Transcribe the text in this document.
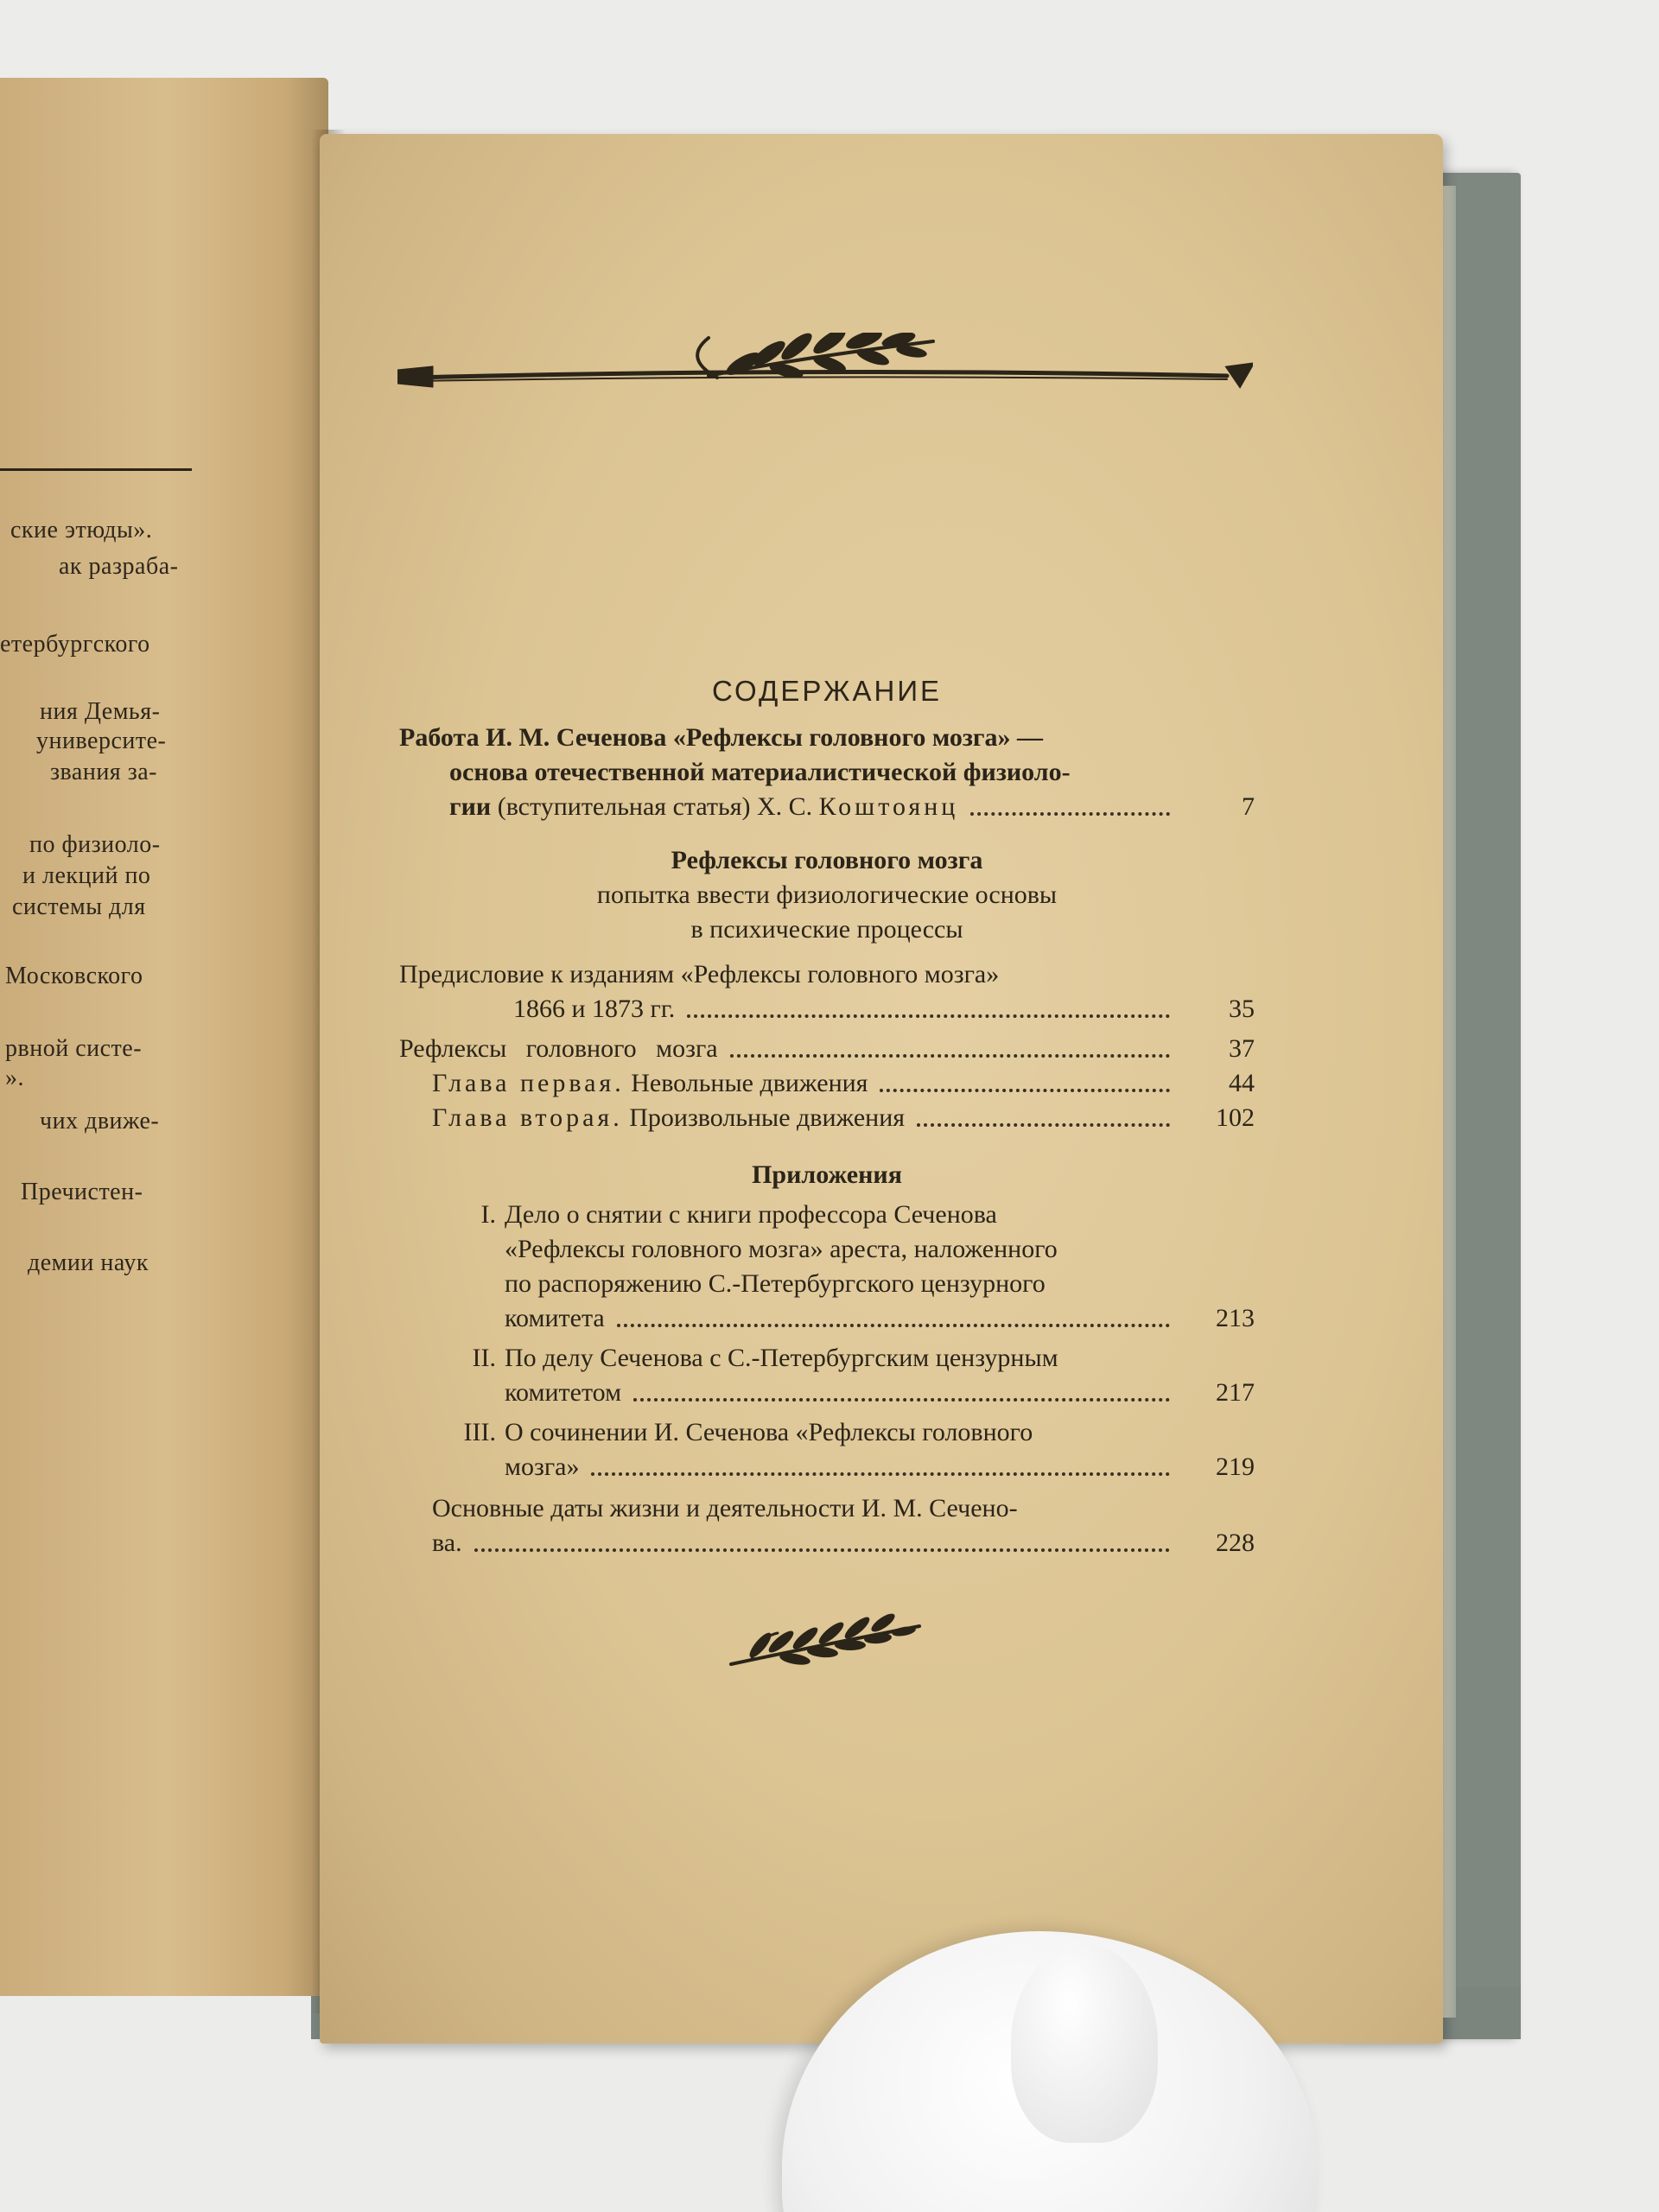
ские этюды».
ак разраба-
етербургского
ния Демья-
университе-
звания за-
по физиоло-
и лекций по
системы для
Московского
рвной систе-
».
чих движе-
Пречистен-
демии наук
СОДЕРЖАНИЕ
Работа И. М. Сеченова «Рефлексы головного мозга» —
основа отечественной материалистической физиоло-
гии (вступительная статья) Х. С. Коштоянц	7
Рефлексы головного мозга
попытка ввести физиологические основы
в психические процессы
Предисловие к изданиям «Рефлексы головного мозга»
1866 и 1873 гг.	35
Рефлексы   головного   мозга	37
Глава первая. Невольные движения	44
Глава вторая. Произвольные движения	102
Приложения
I. Дело о снятии с книги профессора Сеченова
«Рефлексы головного мозга» ареста, наложенного
по распоряжению С.-Петербургского цензурного
комитета	213
II. По делу Сеченова с С.-Петербургским цензурным
комитетом	217
III. О сочинении И. Сеченова «Рефлексы головного
мозга»	219
Основные даты жизни и деятельности И. М. Сеченo-
ва.	228
